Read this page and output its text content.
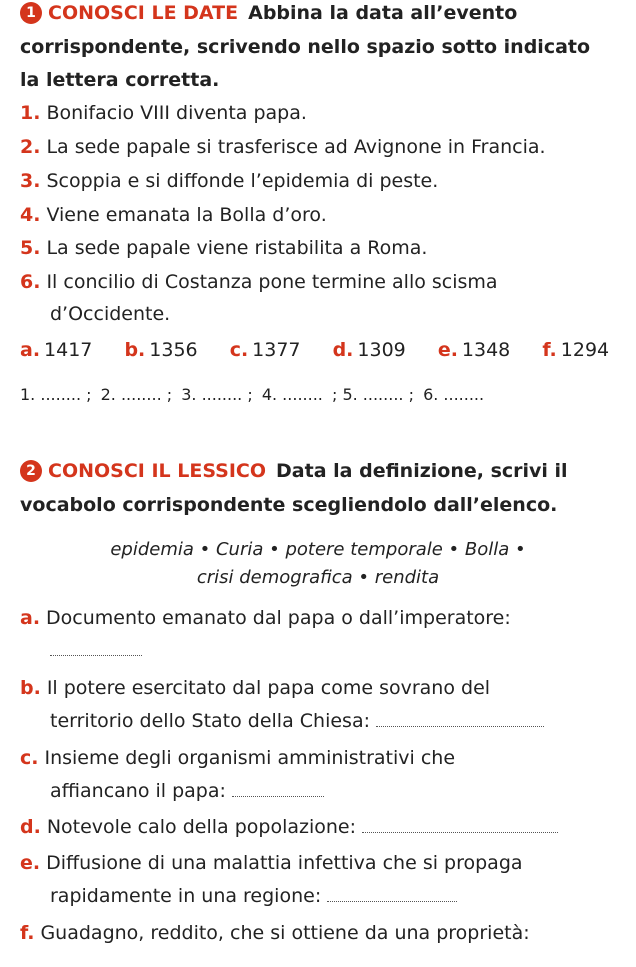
1 CONOSCI LE DATE Abbina la data all’evento
corrispondente, scrivendo nello spazio sotto indicato
la lettera corretta.
1. Bonifacio VIII diventa papa.
2. La sede papale si trasferisce ad Avignone in Francia.
3. Scoppia e si diffonde l’epidemia di peste.
4. Viene emanata la Bolla d’oro.
5. La sede papale viene ristabilita a Roma.
6. Il concilio di Costanza pone termine allo scisma
d’Occidente.
a. 1417 b. 1356 c. 1377 d. 1309 e. 1348 f. 1294
1. ........ ; 2. ........ ; 3. ........ ; 4. ........ ; 5. ........ ; 6. ........
2 CONOSCI IL LESSICO Data la definizione, scrivi il
vocabolo corrispondente scegliendolo dall’elenco.
epidemia • Curia • potere temporale • Bolla •
crisi demografica • rendita
a. Documento emanato dal papa o dall’imperatore:
b. Il potere esercitato dal papa come sovrano del
territorio dello Stato della Chiesa:
c. Insieme degli organismi amministrativi che
affiancano il papa:
d. Notevole calo della popolazione:
e. Diffusione di una malattia infettiva che si propaga
rapidamente in una regione:
f. Guadagno, reddito, che si ottiene da una proprietà:
